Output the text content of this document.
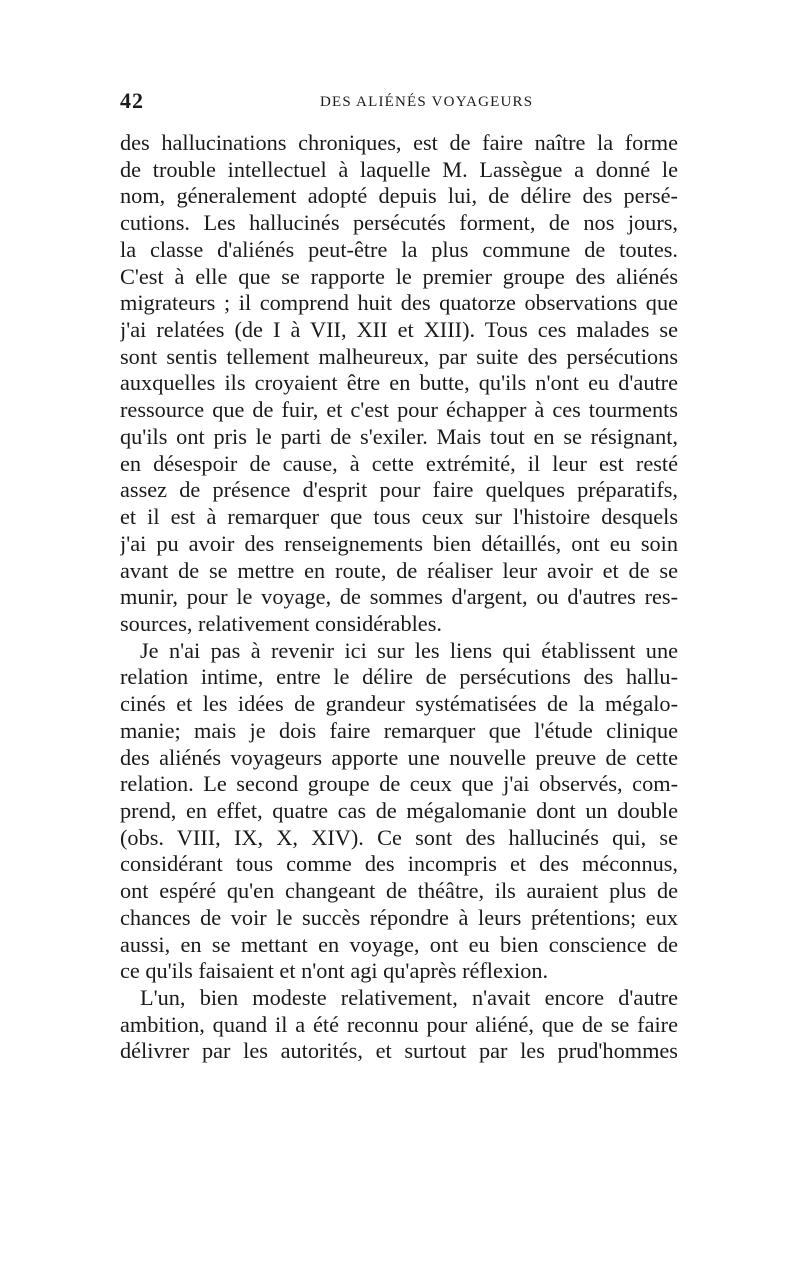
42	DES ALIÉNÉS VOYAGEURS
des hallucinations chroniques, est de faire naître la forme
de trouble intellectuel à laquelle M. Lassègue a donné le
nom, géneralement adopté depuis lui, de délire des persé-
cutions. Les hallucinés persécutés forment, de nos jours,
la classe d'aliénés peut-être la plus commune de toutes.
C'est à elle que se rapporte le premier groupe des aliénés
migrateurs ; il comprend huit des quatorze observations que
j'ai relatées (de I à VII, XII et XIII). Tous ces malades se
sont sentis tellement malheureux, par suite des persécutions
auxquelles ils croyaient être en butte, qu'ils n'ont eu d'autre
ressource que de fuir, et c'est pour échapper à ces tourments
qu'ils ont pris le parti de s'exiler. Mais tout en se résignant,
en désespoir de cause, à cette extrémité, il leur est resté
assez de présence d'esprit pour faire quelques préparatifs,
et il est à remarquer que tous ceux sur l'histoire desquels
j'ai pu avoir des renseignements bien détaillés, ont eu soin
avant de se mettre en route, de réaliser leur avoir et de se
munir, pour le voyage, de sommes d'argent, ou d'autres res-
sources, relativement considérables.
Je n'ai pas à revenir ici sur les liens qui établissent une
relation intime, entre le délire de persécutions des hallu-
cinés et les idées de grandeur systématisées de la mégalo-
manie; mais je dois faire remarquer que l'étude clinique
des aliénés voyageurs apporte une nouvelle preuve de cette
relation. Le second groupe de ceux que j'ai observés, com-
prend, en effet, quatre cas de mégalomanie dont un double
(obs. VIII, IX, X, XIV). Ce sont des hallucinés qui, se
considérant tous comme des incompris et des méconnus,
ont espéré qu'en changeant de théâtre, ils auraient plus de
chances de voir le succès répondre à leurs prétentions; eux
aussi, en se mettant en voyage, ont eu bien conscience de
ce qu'ils faisaient et n'ont agi qu'après réflexion.
L'un, bien modeste relativement, n'avait encore d'autre
ambition, quand il a été reconnu pour aliéné, que de se faire
délivrer par les autorités, et surtout par les prud'hommes
